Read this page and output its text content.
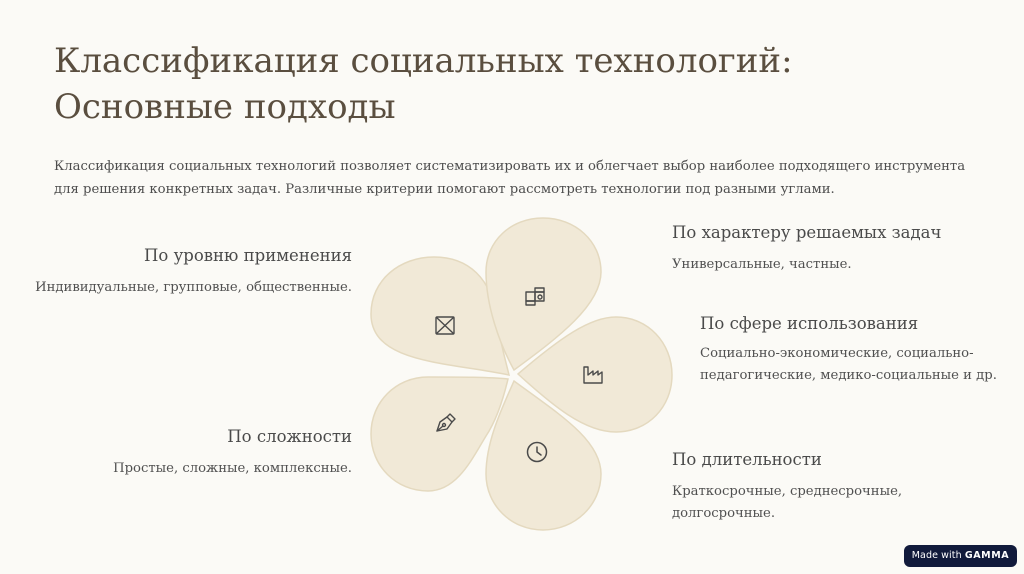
Классификация социальных технологий: Основные подходы

Классификация социальных технологий позволяет систематизировать их и облегчает выбор наиболее подходящего инструмента для решения конкретных задач. Различные критерии помогают рассмотреть технологии под разными углами.

По уровню применения

Индивидуальные, групповые, общественные.

По характеру решаемых задач

Универсальные, частные.

По сфере использования

Социально-экономические, социально-педагогические, медико-социальные и др.

По сложности

Простые, сложные, комплексные.	По длительности

Краткосрочные, среднесрочные, долгосрочные.

Made with GAMMA
